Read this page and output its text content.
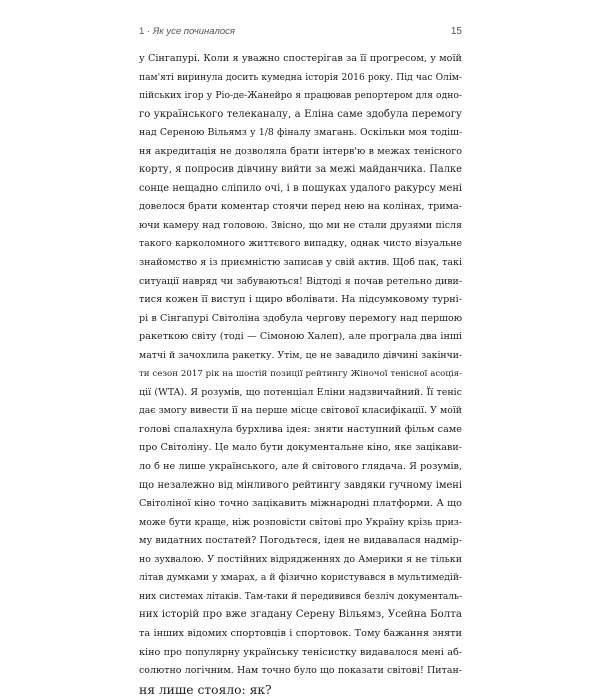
1 · Як усе починалося	15
у Сінгапурі. Коли я уважно спостерігав за її прогресом, у моїй
пам'яті виринула досить кумедна історія 2016 року. Під час Олім-
пійських ігор у Ріо-де-Жанейро я працював репортером для одно-
го українського телеканалу, а Еліна саме здобула перемогу
над Сереною Вільямз у 1/8 фіналу змагань. Оскільки моя тодіш-
ня акредитація не дозволяла брати інтерв'ю в межах тенісного
корту, я попросив дівчину вийти за межі майданчика. Палке
сонце нещадно сліпило очі, і в пошуках удалого ракурсу мені
довелося брати коментар стоячи перед нею на колінах, трима-
ючи камеру над головою. Звісно, що ми не стали друзями після
такого карколомного життєвого випадку, однак чисто візуальне
знайомство я із приємністю записав у свій актив. Щоб пак, такі
ситуації навряд чи забуваються! Відтоді я почав ретельно диви-
тися кожен її виступ і щиро вболівати. На підсумковому турні-
рі в Сінгапурі Світоліна здобула чергову перемогу над першою
ракеткою світу (тоді — Сімоною Халеп), але програла два інші
матчі й зачохлила ракетку. Утім, це не завадило дівчині закінчи-
ти сезон 2017 рік на шостій позиції рейтингу Жіночої тенісної асоція-
ції (WTA). Я розумів, що потенціал Еліни надзвичайний. Її теніс
дає змогу вивести її на перше місце світової класифікації. У моїй
голові спалахнула бурхлива ідея: зняти наступний фільм саме
про Світоліну. Це мало бути документальне кіно, яке зацікави-
ло б не лише українського, але й світового глядача. Я розумів,
що незалежно від мінливого рейтингу завдяки гучному імені
Світоліної кіно точно зацікавить міжнародні платформи. А що
може бути краще, ніж розповісти світові про Україну крізь приз-
му видатних постатей? Погодьтеся, ідея не видавалася надмір-
но зухвалою. У постійних відрядженнях до Америки я не тільки
літав думками у хмарах, а й фізично користувався в мультимедій-
них системах літаків. Там-таки й передивився безліч документаль-
них історій про вже згадану Серену Вільямз, Усейна Болта
та інших відомих спортовців і спортовок. Тому бажання зняти
кіно про популярну українську тенісистку видавалося мені аб-
солютно логічним. Нам точно було що показати світові! Питан-
ня лише стояло: як?
